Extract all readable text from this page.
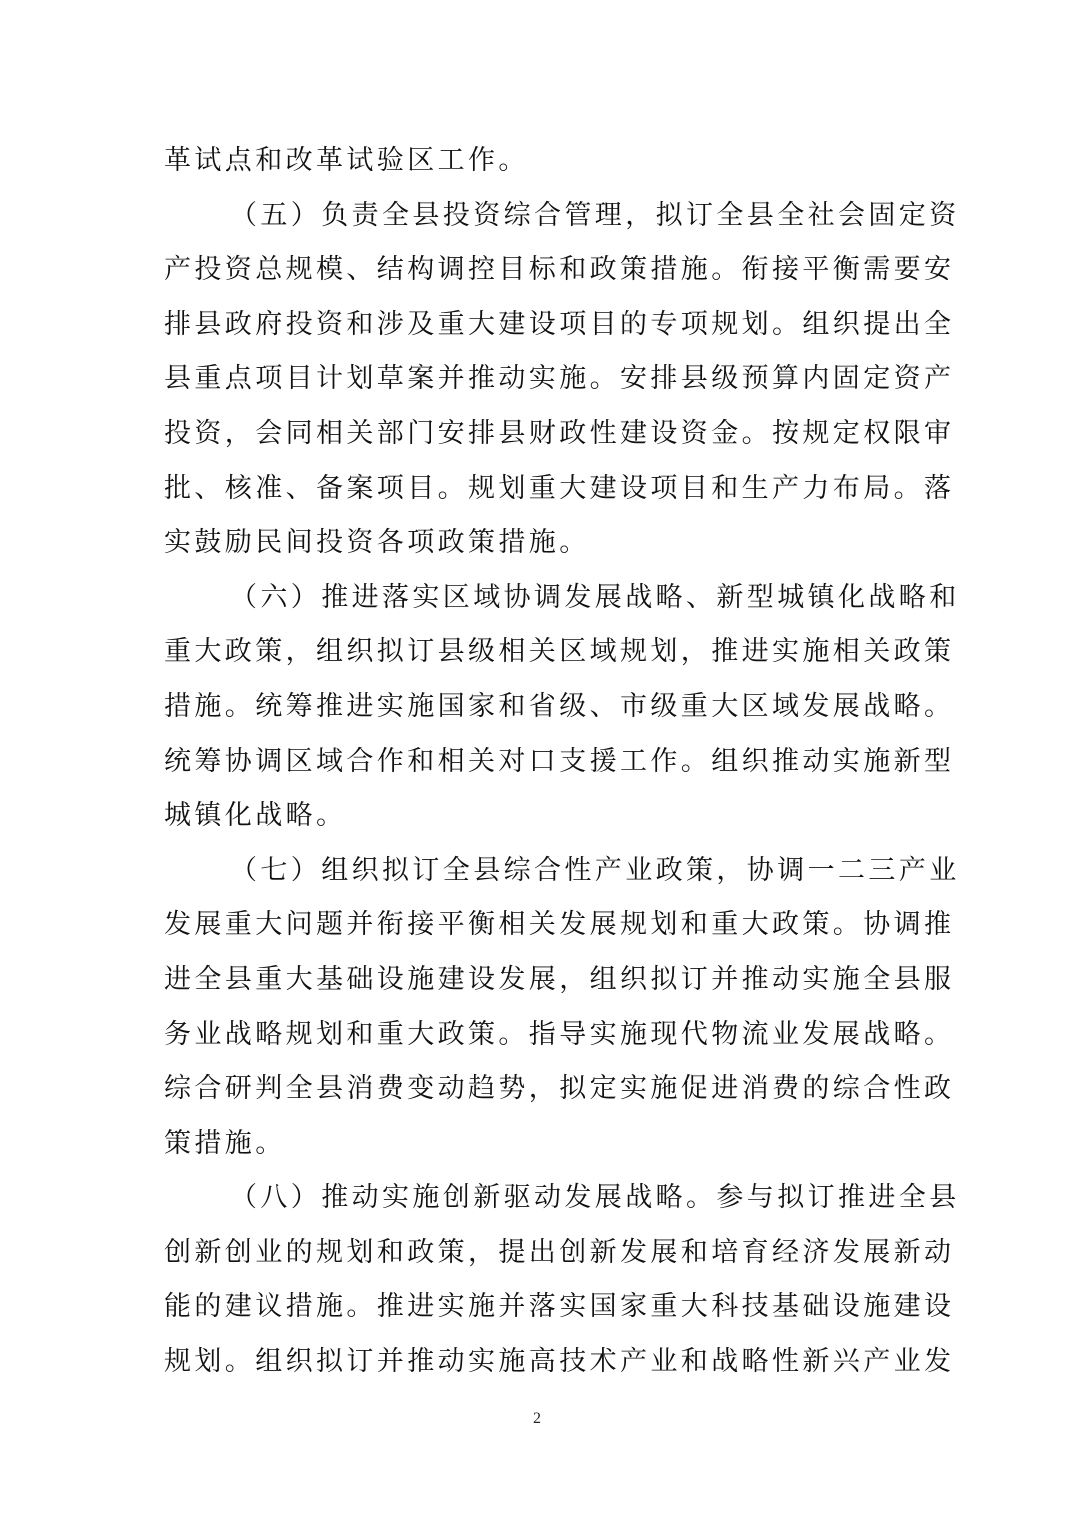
革试点和改革试验区工作。
（五）负责全县投资综合管理，拟订全县全社会固定资
产投资总规模、结构调控目标和政策措施。衔接平衡需要安
排县政府投资和涉及重大建设项目的专项规划。组织提出全
县重点项目计划草案并推动实施。安排县级预算内固定资产
投资，会同相关部门安排县财政性建设资金。按规定权限审
批、核准、备案项目。规划重大建设项目和生产力布局。落
实鼓励民间投资各项政策措施。
（六）推进落实区域协调发展战略、新型城镇化战略和
重大政策，组织拟订县级相关区域规划，推进实施相关政策
措施。统筹推进实施国家和省级、市级重大区域发展战略。
统筹协调区域合作和相关对口支援工作。组织推动实施新型
城镇化战略。
（七）组织拟订全县综合性产业政策，协调一二三产业
发展重大问题并衔接平衡相关发展规划和重大政策。协调推
进全县重大基础设施建设发展，组织拟订并推动实施全县服
务业战略规划和重大政策。指导实施现代物流业发展战略。
综合研判全县消费变动趋势，拟定实施促进消费的综合性政
策措施。
（八）推动实施创新驱动发展战略。参与拟订推进全县
创新创业的规划和政策，提出创新发展和培育经济发展新动
能的建议措施。推进实施并落实国家重大科技基础设施建设
规划。组织拟订并推动实施高技术产业和战略性新兴产业发
2
